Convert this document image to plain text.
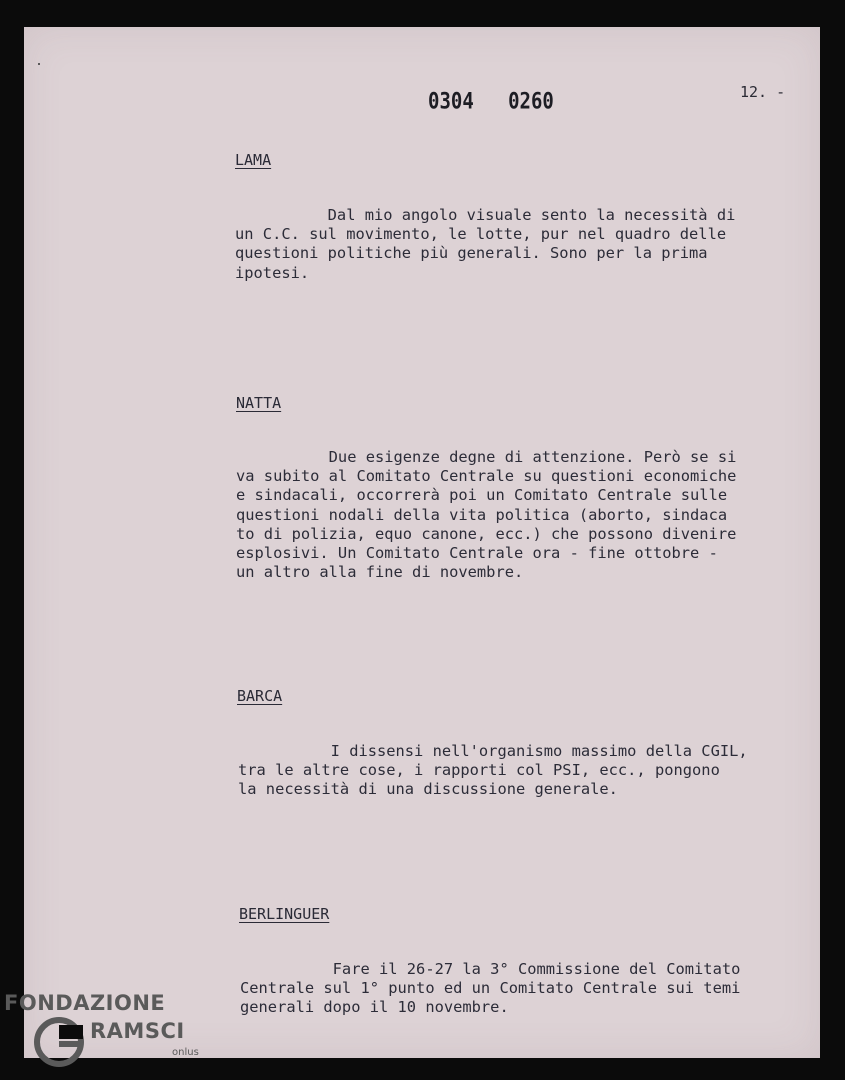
0304   0260	12. -
LAMA
Dal mio angolo visuale sento la necessità di
un C.C. sul movimento, le lotte, pur nel quadro delle
questioni politiche più generali. Sono per la prima
ipotesi.
NATTA
Due esigenze degne di attenzione. Però se si
va subito al Comitato Centrale su questioni economiche
e sindacali, occorrerà poi un Comitato Centrale sulle
questioni nodali della vita politica (aborto, sindaca
to di polizia, equo canone, ecc.) che possono divenire
esplosivi. Un Comitato Centrale ora - fine ottobre -
un altro alla fine di novembre.
BARCA
I dissensi nell'organismo massimo della CGIL,
tra le altre cose, i rapporti col PSI, ecc., pongono
la necessità di una discussione generale.
BERLINGUER
Fare il 26-27 la 3° Commissione del Comitato
Centrale sul 1° punto ed un Comitato Centrale sui temi
generali dopo il 10 novembre.
FONDAZIONE
RAMSCI
onlus
